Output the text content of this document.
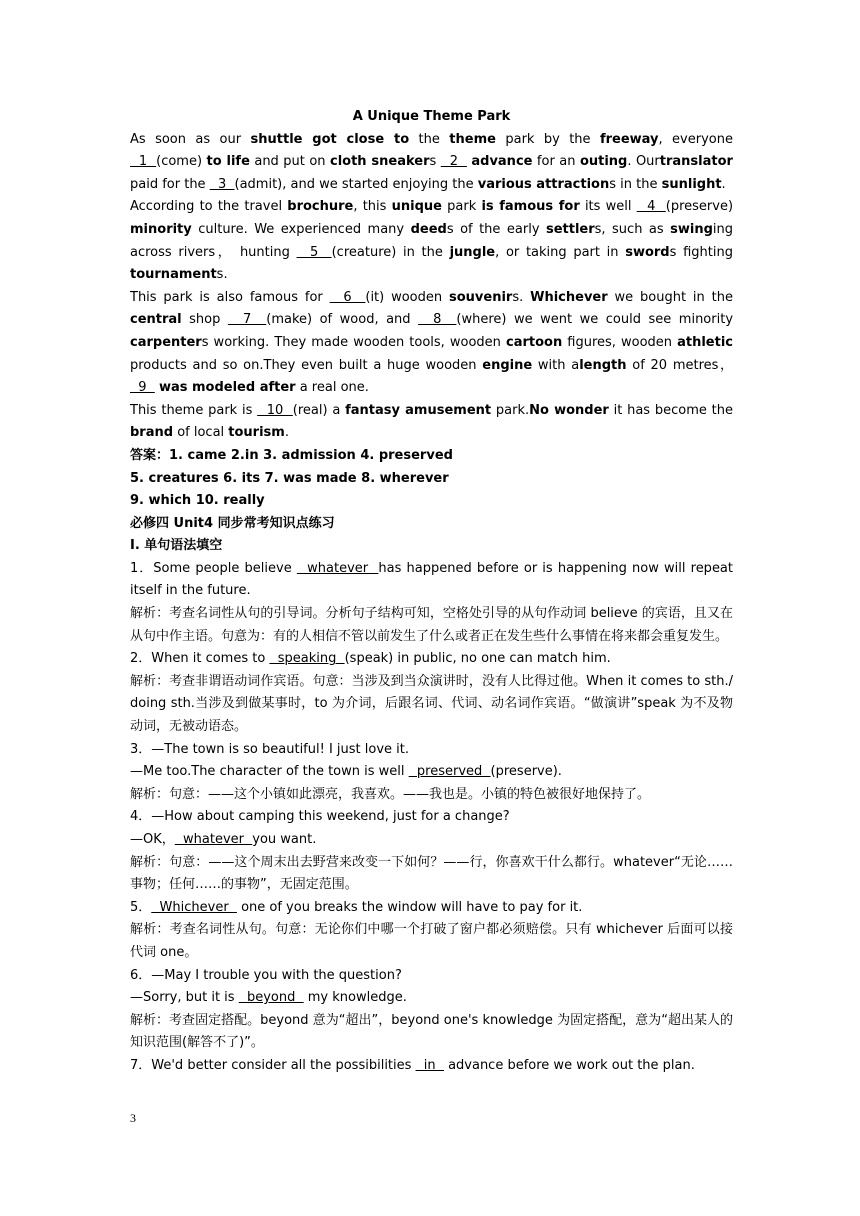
A Unique Theme Park

As soon as our shuttle got close to the theme park by the freeway, everyone   1  (come) to life and put on cloth sneakers   2   advance for an outing. Ourtranslator paid for the   3  (admit), and we started enjoying the various attractions in the sunlight.

According to the travel brochure, this unique park is famous for its well   4  (preserve) minority culture. We experienced many deeds of the early settlers, such as swinging across rivers， hunting   5  (creature) in the jungle, or taking part in swords fighting tournaments.

This park is also famous for   6  (it) wooden souvenirs. Whichever we bought in the central shop   7  (make) of wood, and   8  (where) we went we could see minority carpenters working. They made wooden tools, wooden cartoon figures, wooden athletic products and so on.They even built a huge wooden engine with alength of 20 metres，   9   was modeled after a real one.

This theme park is   10  (real) a fantasy amusement park.No wonder it has become the brand of local tourism.

答案：1. came 2.in 3. admission 4. preserved

5. creatures 6. its 7. was made 8. wherever

9. which 10. really

必修四 Unit4 同步常考知识点练习

Ⅰ. 单句语法填空

1．Some people believe   whatever  has happened before or is happening now will repeat itself in the future.

解析：考查名词性从句的引导词。分析句子结构可知，空格处引导的从句作动词 believe 的宾语，且又在从句中作主语。句意为：有的人相信不管以前发生了什么或者正在发生些什么事情在将来都会重复发生。

2．When it comes to   speaking  (speak) in public, no one can match him.

解析：考查非谓语动词作宾语。句意：当涉及到当众演讲时，没有人比得过他。When it comes to sth./ doing sth.当涉及到做某事时，to 为介词，后跟名词、代词、动名词作宾语。“做演讲”speak 为不及物动词，无被动语态。

3．—The town is so beautiful! I just love it.

—Me too.The character of the town is well   preserved  (preserve).

解析：句意：——这个小镇如此漂亮，我喜欢。——我也是。小镇的特色被很好地保持了。

4．—How about camping this weekend, just for a change?

—OK，  whatever  you want.

解析：句意：——这个周末出去野营来改变一下如何？——行，你喜欢干什么都行。whatever“无论……事物；任何……的事物”，无固定范围。

5．  Whichever   one of you breaks the window will have to pay for it.

解析：考查名词性从句。句意：无论你们中哪一个打破了窗户都必须赔偿。只有 whichever 后面可以接代词 one。

6．—May I trouble you with the question?

—Sorry, but it is   beyond   my knowledge.

解析：考查固定搭配。beyond 意为“超出”，beyond one's knowledge 为固定搭配，意为“超出某人的知识范围(解答不了)”。

7．We'd better consider all the possibilities   in   advance before we work out the plan.

3
